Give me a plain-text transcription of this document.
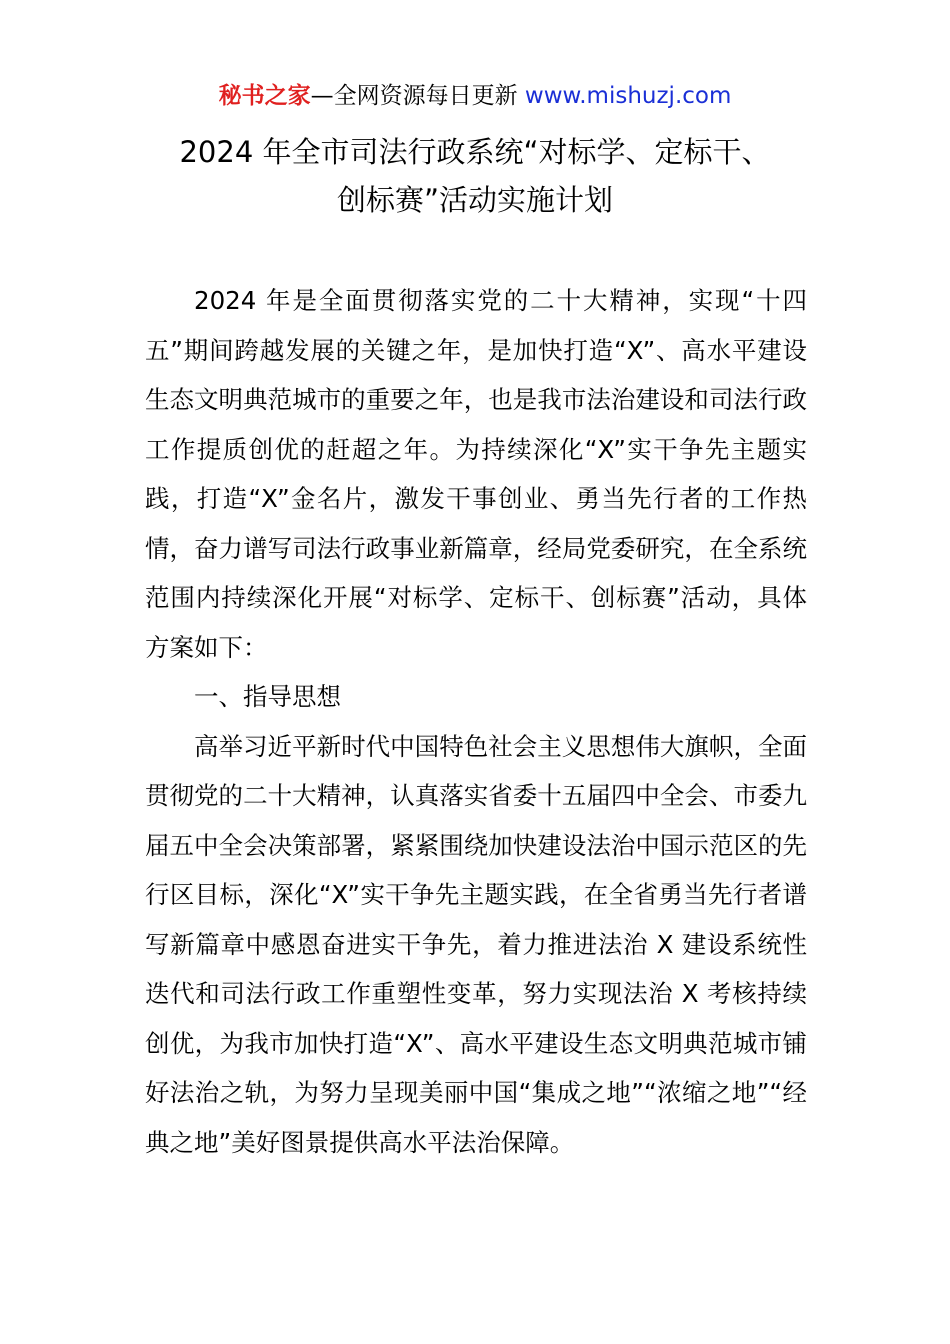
秘书之家—全网资源每日更新 www.mishuzj.com
2024 年全市司法行政系统“对标学、定标干、
创标赛”活动实施计划

2024 年是全面贯彻落实党的二十大精神，实现“十四五”期间跨越发展的关键之年，是加快打造“X”、高水平建设生态文明典范城市的重要之年，也是我市法治建设和司法行政工作提质创优的赶超之年。为持续深化“X”实干争先主题实践，打造“X”金名片，激发干事创业、勇当先行者的工作热情，奋力谱写司法行政事业新篇章，经局党委研究，在全系统范围内持续深化开展“对标学、定标干、创标赛”活动，具体方案如下：

一、指导思想

高举习近平新时代中国特色社会主义思想伟大旗帜，全面贯彻党的二十大精神，认真落实省委十五届四中全会、市委九届五中全会决策部署，紧紧围绕加快建设法治中国示范区的先行区目标，深化“X”实干争先主题实践，在全省勇当先行者谱写新篇章中感恩奋进实干争先，着力推进法治 X 建设系统性迭代和司法行政工作重塑性变革，努力实现法治 X 考核持续创优，为我市加快打造“X”、高水平建设生态文明典范城市铺好法治之轨，为努力呈现美丽中国“集成之地”“浓缩之地”“经典之地”美好图景提供高水平法治保障。
